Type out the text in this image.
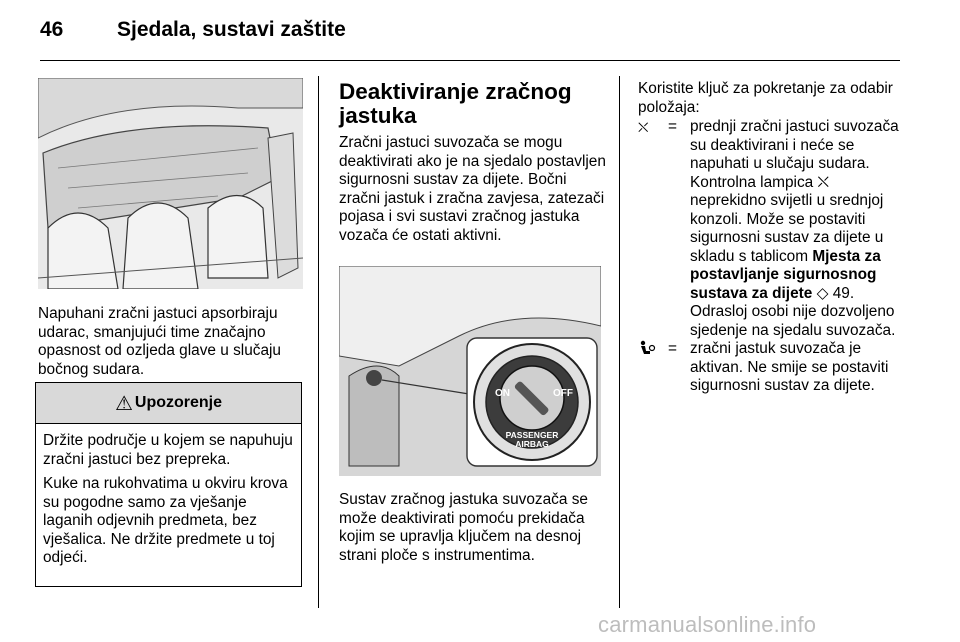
46	Sjedala, sustavi zaštite
Napuhani zračni jastuci apsorbiraju udarac, smanjujući time značajno opasnost od ozljeda glave u slučaju bočnog sudara.
⚠ Upozorenje

Držite područje u kojem se napuhuju zračni jastuci bez prepreka.

Kuke na rukohvatima u okviru krova su pogodne samo za vješanje laganih odjevnih predmeta, bez vješalica. Ne držite predmete u toj odjeći.

Deaktiviranje zračnog jastuka
Zračni jastuci suvozača se mogu deaktivirati ako je na sjedalo postavljen sigurnosni sustav za dijete. Bočni zračni jastuk i zračna zavjesa, zatezači pojasa i svi sustavi zračnog jastuka vozača će ostati aktivni.
ON	OFF
PASSENGER
AIRBAG
Sustav zračnog jastuka suvozača se može deaktivirati pomoću prekidača kojim se upravlja ključem na desnoj strani ploče s instrumentima.
Koristite ključ za pokretanje za odabir položaja:
⛌	= prednji zračni jastuci suvozača su deaktivirani i neće se napuhati u slučaju sudara. Kontrolna lampica ⛌ neprekidno svijetli u srednjoj konzoli. Može se postaviti sigurnosni sustav za dijete u skladu s tablicom Mjesta za postavljanje sigurnosnog sustava za dijete ◇ 49.
Odrasloj osobi nije dozvoljeno sjedenje na sjedalu suvozača.
= zračni jastuk suvozača je aktivan. Ne smije se postaviti sigurnosni sustav za dijete.
carmanualsonline.info
